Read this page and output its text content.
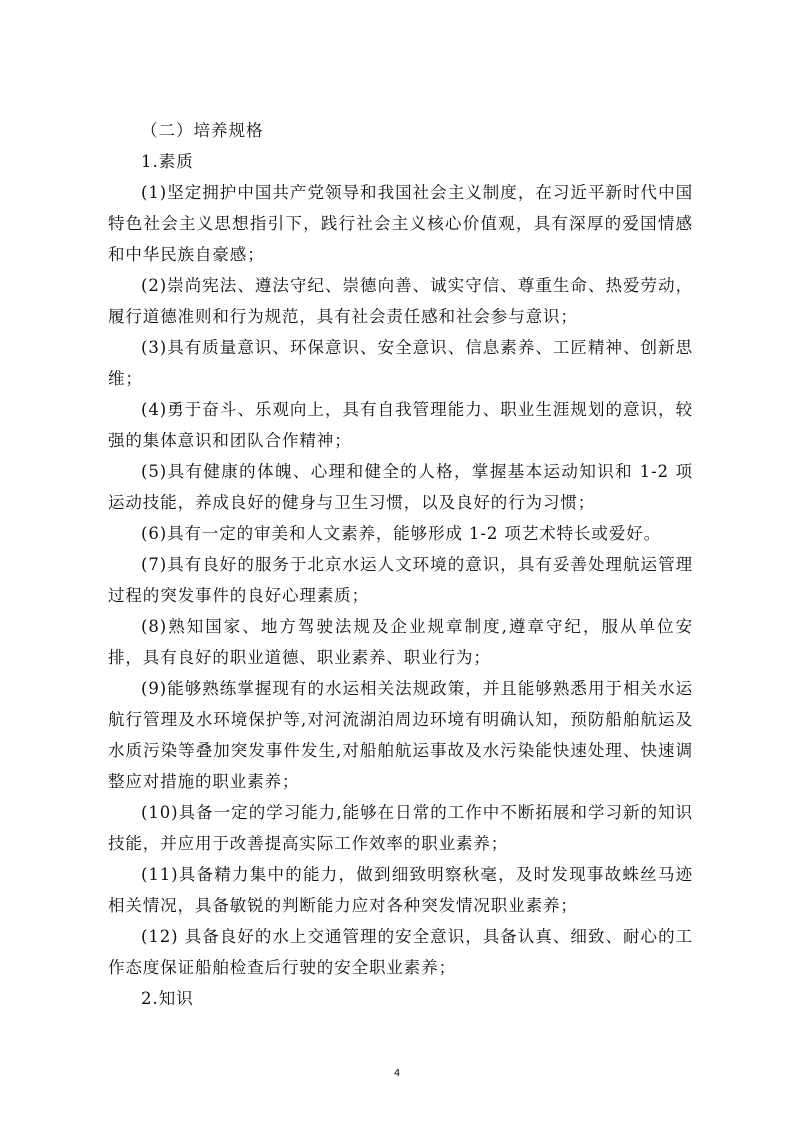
（二）培养规格

1.素质

(1)坚定拥护中国共产党领导和我国社会主义制度，在习近平新时代中国特色社会主义思想指引下，践行社会主义核心价值观，具有深厚的爱国情感和中华民族自豪感；

(2)崇尚宪法、遵法守纪、崇德向善、诚实守信、尊重生命、热爱劳动，履行道德准则和行为规范，具有社会责任感和社会参与意识；

(3)具有质量意识、环保意识、安全意识、信息素养、工匠精神、创新思维；

(4)勇于奋斗、乐观向上，具有自我管理能力、职业生涯规划的意识，较强的集体意识和团队合作精神；

(5)具有健康的体魄、心理和健全的人格，掌握基本运动知识和 1-2 项运动技能，养成良好的健身与卫生习惯，以及良好的行为习惯；

(6)具有一定的审美和人文素养，能够形成 1-2 项艺术特长或爱好。

(7)具有良好的服务于北京水运人文环境的意识，具有妥善处理航运管理过程的突发事件的良好心理素质；

(8)熟知国家、地方驾驶法规及企业规章制度,遵章守纪，服从单位安排，具有良好的职业道德、职业素养、职业行为；

(9)能够熟练掌握现有的水运相关法规政策，并且能够熟悉用于相关水运航行管理及水环境保护等,对河流湖泊周边环境有明确认知，预防船舶航运及水质污染等叠加突发事件发生,对船舶航运事故及水污染能快速处理、快速调整应对措施的职业素养；

(10)具备一定的学习能力,能够在日常的工作中不断拓展和学习新的知识技能，并应用于改善提高实际工作效率的职业素养；

(11)具备精力集中的能力，做到细致明察秋毫，及时发现事故蛛丝马迹相关情况，具备敏锐的判断能力应对各种突发情况职业素养；

(12) 具备良好的水上交通管理的安全意识，具备认真、细致、耐心的工作态度保证船舶检查后行驶的安全职业素养；

2.知识

4
